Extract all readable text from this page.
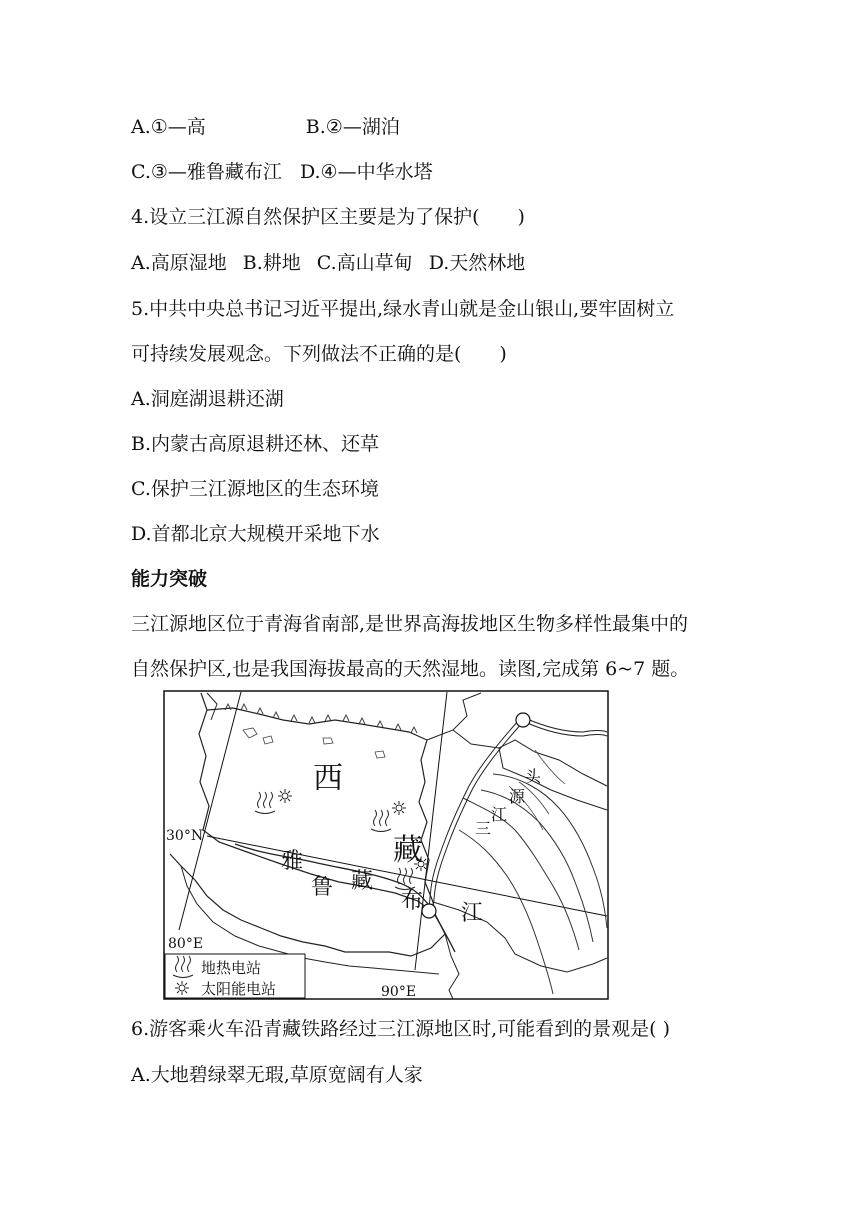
A.①—高	B.②—湖泊
C.③—雅鲁藏布江 D.④—中华水塔
4.设立三江源自然保护区主要是为了保护(　　)
A.高原湿地 B.耕地 C.高山草甸 D.天然林地
5.中共中央总书记习近平提出,绿水青山就是金山银山,要牢固树立
可持续发展观念。下列做法不正确的是(　　)
A.洞庭湖退耕还湖
B.内蒙古高原退耕还林、还草
C.保护三江源地区的生态环境
D.首都北京大规模开采地下水
能力突破
三江源地区位于青海省南部,是世界高海拔地区生物多样性最集中的
自然保护区,也是我国海拔最高的天然湿地。读图,完成第 6~7 题。
西
藏
雅
鲁 藏
布 江
三
江
源
头
30°N
80°E
90°E
地热电站
太阳能电站
6.游客乘火车沿青藏铁路经过三江源地区时,可能看到的景观是( )
A.大地碧绿翠无瑕,草原宽阔有人家
